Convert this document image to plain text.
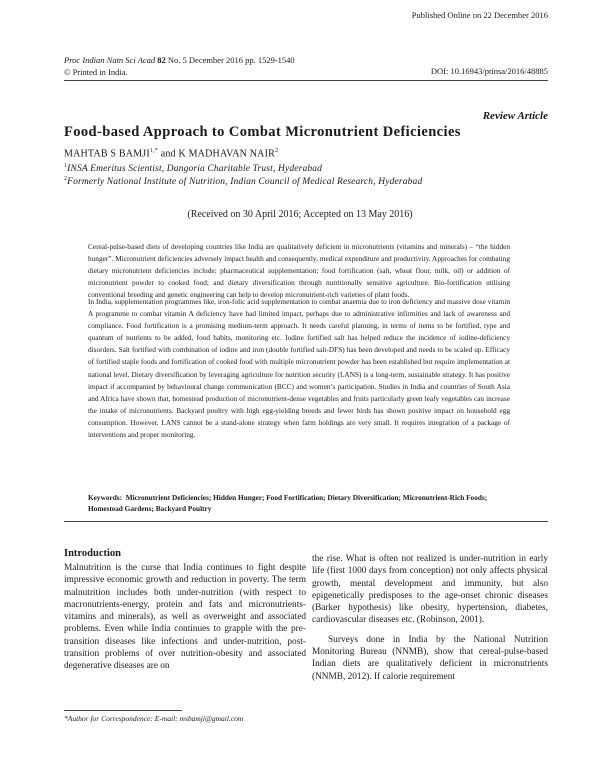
Published Online on 22 December 2016
Proc Indian Natn Sci Acad 82 No. 5 December 2016 pp. 1529-1540
© Printed in India.	DOI: 10.16943/ptinsa/2016/48885
Review Article
Food-based Approach to Combat Micronutrient Deficiencies
MAHTAB S $BAMJI^{1,*}$ and K MADHAVAN NAIR$^2$
$^1$INSA Emeritus Scientist, Dangoria Charitable Trust, Hyderabad
$^2$Formerly National Institute of Nutrition, Indian Council of Medical Research, Hyderabad
(Received on 30 April 2016; Accepted on 13 May 2016)

Cereal-pulse-based diets of developing countries like India are qualitatively deficient in micronutrients (vitamins and minerals) – “the hidden hunger”. Micronutrient deficiencies adversely impact health and consequently, medical expenditure and productivity. Approaches for combating dietary micronutrient deficiencies include: pharmaceutical supplementation; food fortification (salt, wheat flour, milk, oil) or addition of micronutrient powder to cooked food; and dietary diversification through nutritionally sensitive agriculture. Bio-fortification utilising conventional breeding and genetic engineering can help to develop micronutrient-rich varieties of plant foods.

In India, supplementation programmes like, iron-folic acid supplementation to combat anaemia due to iron deficiency and massive dose vitamin A programme to combat vitamin A deficiency have had limited impact, perhaps due to administrative infirmities and lack of awareness and compliance. Food fortification is a promising medium-term approach. It needs careful planning, in terms of items to be fortified, type and quantum of nutrients to be added, food habits, monitoring etc. Iodine fortified salt has helped reduce the incidence of iodine-deficiency disorders. Salt fortified with combination of iodine and iron (double fortified salt-DFS) has been developed and needs to be scaled up. Efficacy of fortified staple foods and fortification of cooked food with multiple micronutrient powder has been established but require implementation at national level. Dietary diversification by leveraging agriculture for nutrition security (LANS) is a long-term, sustainable strategy. It has positive impact if accompanied by behavioural change communication (BCC) and women’s participation. Studies in India and countries of South Asia and Africa have shown that, homestead production of micronutrient-dense vegetables and fruits particularly green leafy vegetables can increase the intake of micronutrients. Backyard poultry with high egg-yielding breeds and fewer birds has shown positive impact on household egg consumption. However, LANS cannot be a stand-alone strategy when farm holdings are very small. It requires integration of a package of interventions and proper monitoring.

Keywords: Micronutrient Deficiencies; Hidden Hunger; Food Fortification; Dietary Diversification; Micronutrient-Rich Foods; Homestead Gardens; Backyard Poultry
Introduction

Malnutrition is the curse that India continues to fight despite impressive economic growth and reduction in poverty. The term malnutrition includes both under-nutrition (with respect to macronutrients-energy, protein and fats and micronutrients-vitamins and minerals), as well as overweight and associated problems. Even while India continues to grapple with the pre-transition diseases like infections and under-nutrition, post-transition problems of over nutrition-obesity and associated degenerative diseases are on

the rise. What is often not realized is under-nutrition in early life (first 1000 days from conception) not only affects physical growth, mental development and immunity, but also epigenetically predisposes to the age-onset chronic diseases (Barker hypothesis) like obesity, hypertension, diabetes, cardiovascular diseases etc. (Robinson, 2001).

Surveys done in India by the National Nutrition Monitoring Bureau (NNMB), show that cereal-pulse-based Indian diets are qualitatively deficient in micronutrients (NNMB, 2012). If calorie requirement

*Author for Correspondence: E-mail: msbamji@gmail.com
